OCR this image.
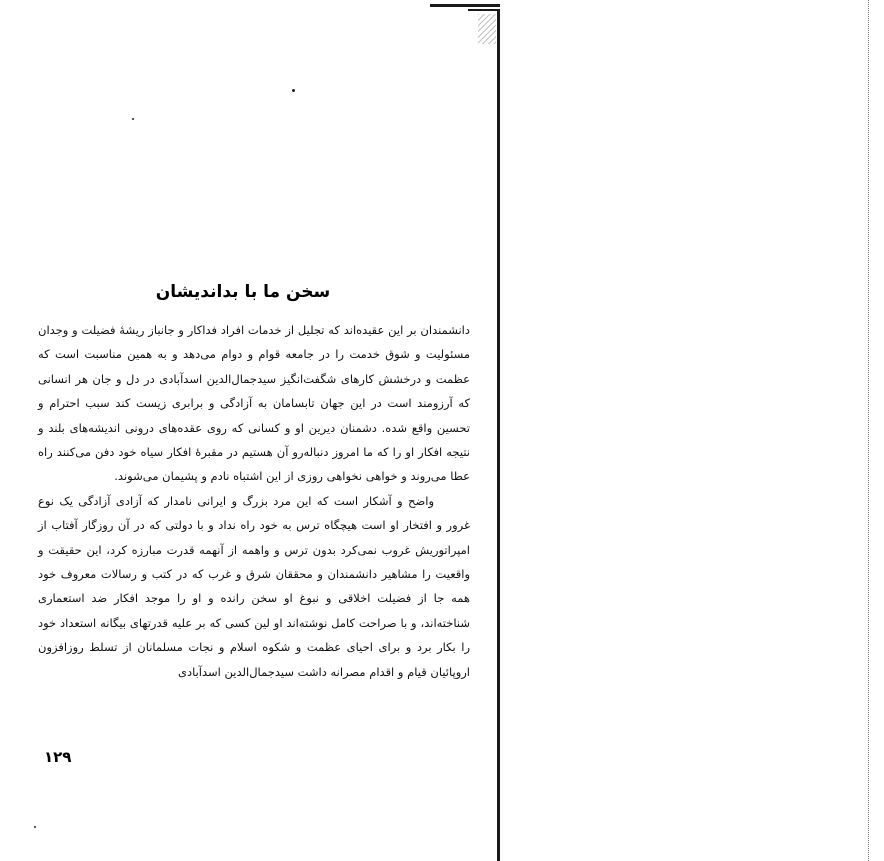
سخن ما با بداندیشان

دانشمندان بر این عقیده‌اند که تجلیل از خدمات افراد فداکار و جانباز ریشهٔ فضیلت و وجدان مسئولیت و شوق خدمت را در جامعه قوام و دوام می‌دهد و به همین مناسبت است که عظمت و درخشش کارهای شگفت‌انگیز سیدجمال‌الدین اسدآبادی در دل و جان هر انسانی که آرزومند است در این جهان تابسامان به آزادگی و برابری زیست کند سبب احترام و تحسین واقع شده. دشمنان دیرین او و کسانی که روی عقده‌های درونی اندیشه‌های بلند و نتیجه افکار او را که ما امروز دنباله‌رو آن هستیم در مقبرهٔ افکار سیاه خود دفن می‌کنند راه عطا می‌روند و خواهی نخواهی روزی از این اشتباه نادم و پشیمان می‌شوند.

واضح و آشکار است که این مرد بزرگ و ایرانی نامدار که آزادی آزادگی یک نوع غرور و افتخار او است هیچگاه ترس به خود راه نداد و با دولتی که در آن روزگار آفتاب از امپراتوریش غروب نمی‌کرد بدون ترس و واهمه از آنهمه قدرت مبارزه کرد، این حقیقت و واقعیت را مشاهیر دانشمندان و محققان شرق و غرب که در کتب و رسالات معروف خود همه جا از فضیلت اخلاقی و نبوغ او سخن رانده و او را موجد افکار ضد استعماری شناخته‌اند، و با صراحت کامل نوشته‌اند او لین کسی که بر علیه قدرتهای بیگانه استعداد خود را بکار برد و برای احیای عظمت و شکوه اسلام و نجات مسلمانان از تسلط روزافزون اروپائیان قیام و اقدام مصرانه داشت سیدجمال‌الدین اسدآبادی

۱۲۹
